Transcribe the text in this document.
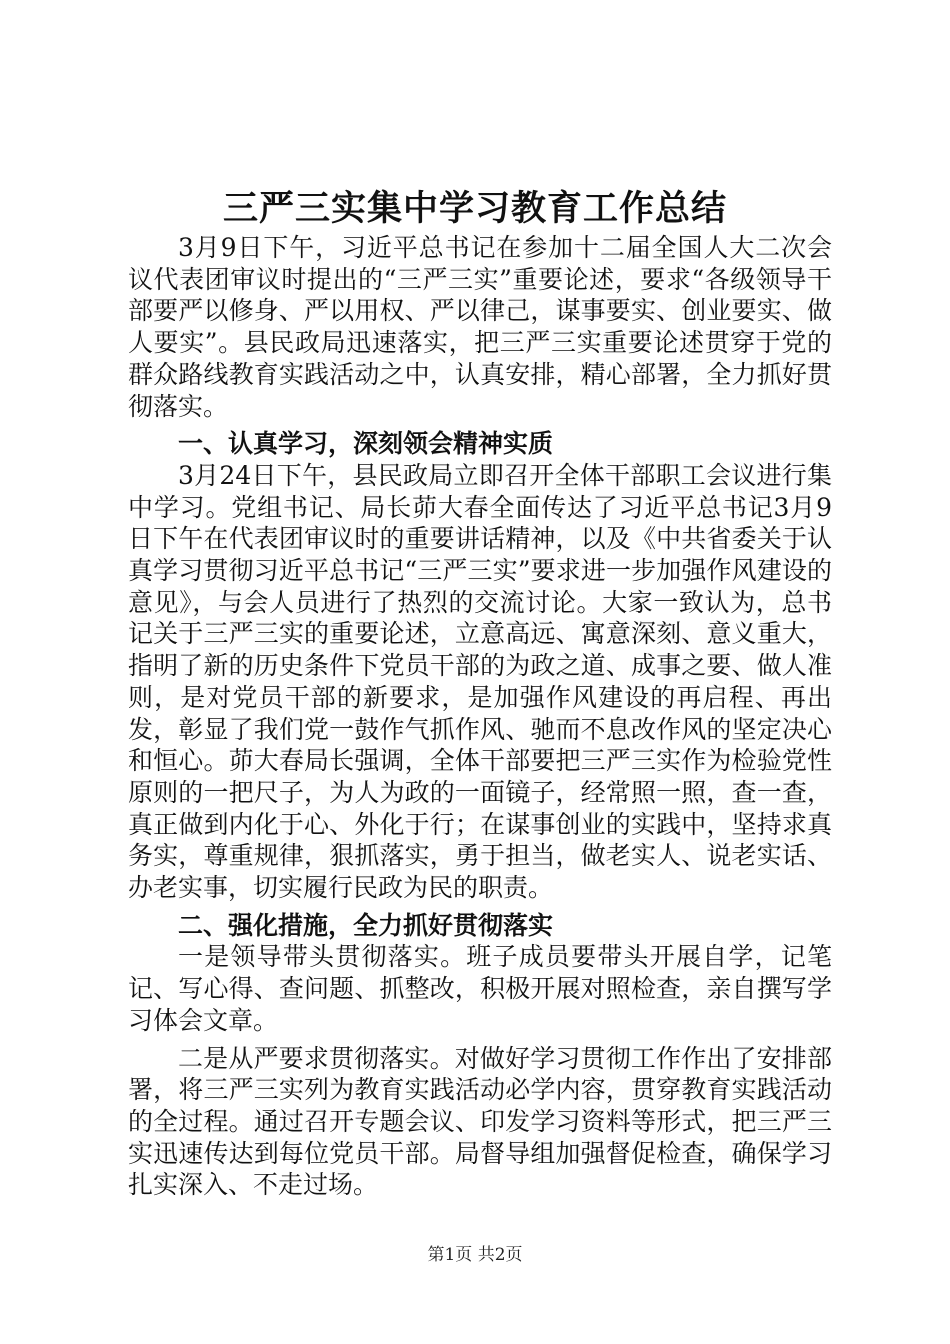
三严三实集中学习教育工作总结

3月9日下午，习近平总书记在参加十二届全国人大二次会议代表团审议时提出的“三严三实”重要论述，要求“各级领导干部要严以修身、严以用权、严以律己，谋事要实、创业要实、做人要实”。县民政局迅速落实，把三严三实重要论述贯穿于党的群众路线教育实践活动之中，认真安排，精心部署，全力抓好贯彻落实。

一、认真学习，深刻领会精神实质

3月24日下午，县民政局立即召开全体干部职工会议进行集中学习。党组书记、局长茆大春全面传达了习近平总书记3月9日下午在代表团审议时的重要讲话精神，以及《中共省委关于认真学习贯彻习近平总书记“三严三实”要求进一步加强作风建设的意见》，与会人员进行了热烈的交流讨论。大家一致认为，总书记关于三严三实的重要论述，立意高远、寓意深刻、意义重大，指明了新的历史条件下党员干部的为政之道、成事之要、做人准则，是对党员干部的新要求，是加强作风建设的再启程、再出发，彰显了我们党一鼓作气抓作风、驰而不息改作风的坚定决心和恒心。茆大春局长强调，全体干部要把三严三实作为检验党性原则的一把尺子，为人为政的一面镜子，经常照一照，查一查，真正做到内化于心、外化于行；在谋事创业的实践中，坚持求真务实，尊重规律，狠抓落实，勇于担当，做老实人、说老实话、办老实事，切实履行民政为民的职责。

二、强化措施，全力抓好贯彻落实

一是领导带头贯彻落实。班子成员要带头开展自学，记笔记、写心得、查问题、抓整改，积极开展对照检查，亲自撰写学习体会文章。

二是从严要求贯彻落实。对做好学习贯彻工作作出了安排部署，将三严三实列为教育实践活动必学内容，贯穿教育实践活动的全过程。通过召开专题会议、印发学习资料等形式，把三严三实迅速传达到每位党员干部。局督导组加强督促检查，确保学习扎实深入、不走过场。

第1页 共2页
